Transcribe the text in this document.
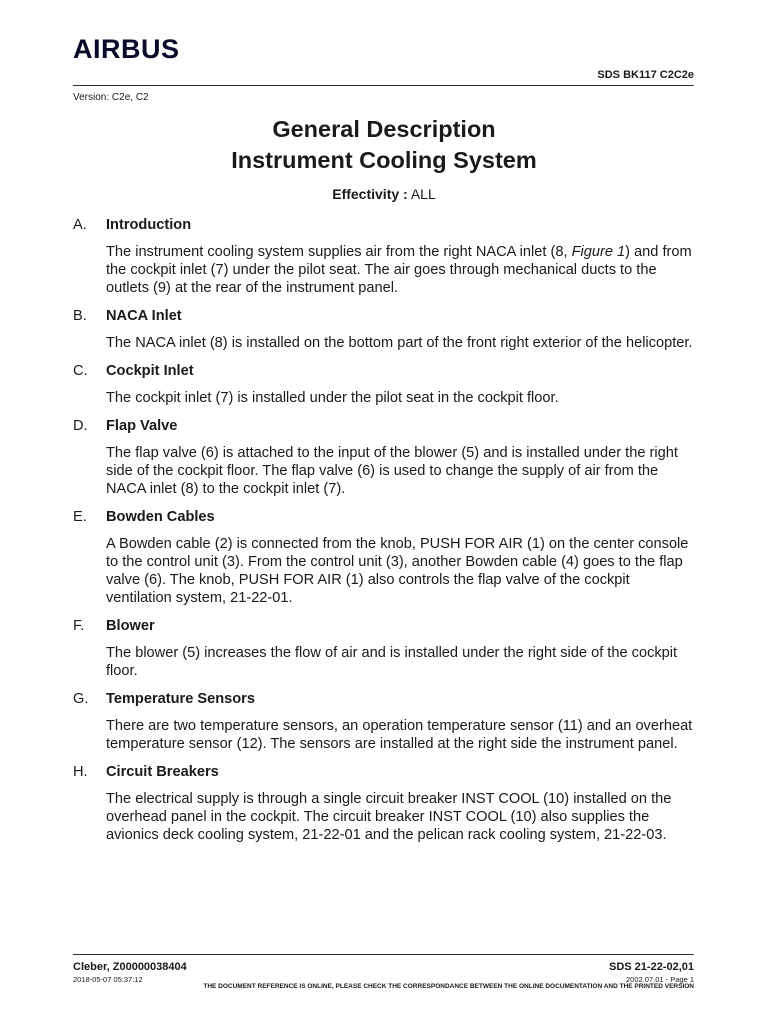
AIRBUS
SDS BK117 C2C2e
Version: C2e, C2
General Description
Instrument Cooling System
Effectivity : ALL
A.	Introduction
The instrument cooling system supplies air from the right NACA inlet (8, Figure 1) and from the cockpit inlet (7) under the pilot seat. The air goes through mechanical ducts to the outlets (9) at the rear of the instrument panel.
B.	NACA Inlet
The NACA inlet (8) is installed on the bottom part of the front right exterior of the helicopter.
C.	Cockpit Inlet
The cockpit inlet (7) is installed under the pilot seat in the cockpit floor.
D.	Flap Valve
The flap valve (6) is attached to the input of the blower (5) and is installed under the right side of the cockpit floor. The flap valve (6) is used to change the supply of air from the NACA inlet (8) to the cockpit inlet (7).
E.	Bowden Cables
A Bowden cable (2) is connected from the knob, PUSH FOR AIR (1) on the center console to the control unit (3). From the control unit (3), another Bowden cable (4) goes to the flap valve (6). The knob, PUSH FOR AIR (1) also controls the flap valve of the cockpit ventilation system, 21-22-01.
F.	Blower
The blower (5) increases the flow of air and is installed under the right side of the cockpit floor.
G.	Temperature Sensors
There are two temperature sensors, an operation temperature sensor (11) and an overheat temperature sensor (12). The sensors are installed at the right side the instrument panel.
H.	Circuit Breakers
The electrical supply is through a single circuit breaker INST COOL (10) installed on the overhead panel in the cockpit. The circuit breaker INST COOL (10) also supplies the avionics deck cooling system, 21-22-01 and the pelican rack cooling system, 21-22-03.
Cleber, Z00000038404
2018-05-07 05:37:12
SDS 21-22-02,01
2002.07.01 - Page 1
THE DOCUMENT REFERENCE IS ONLINE, PLEASE CHECK THE CORRESPONDANCE BETWEEN THE ONLINE DOCUMENTATION AND THE PRINTED VERSION
